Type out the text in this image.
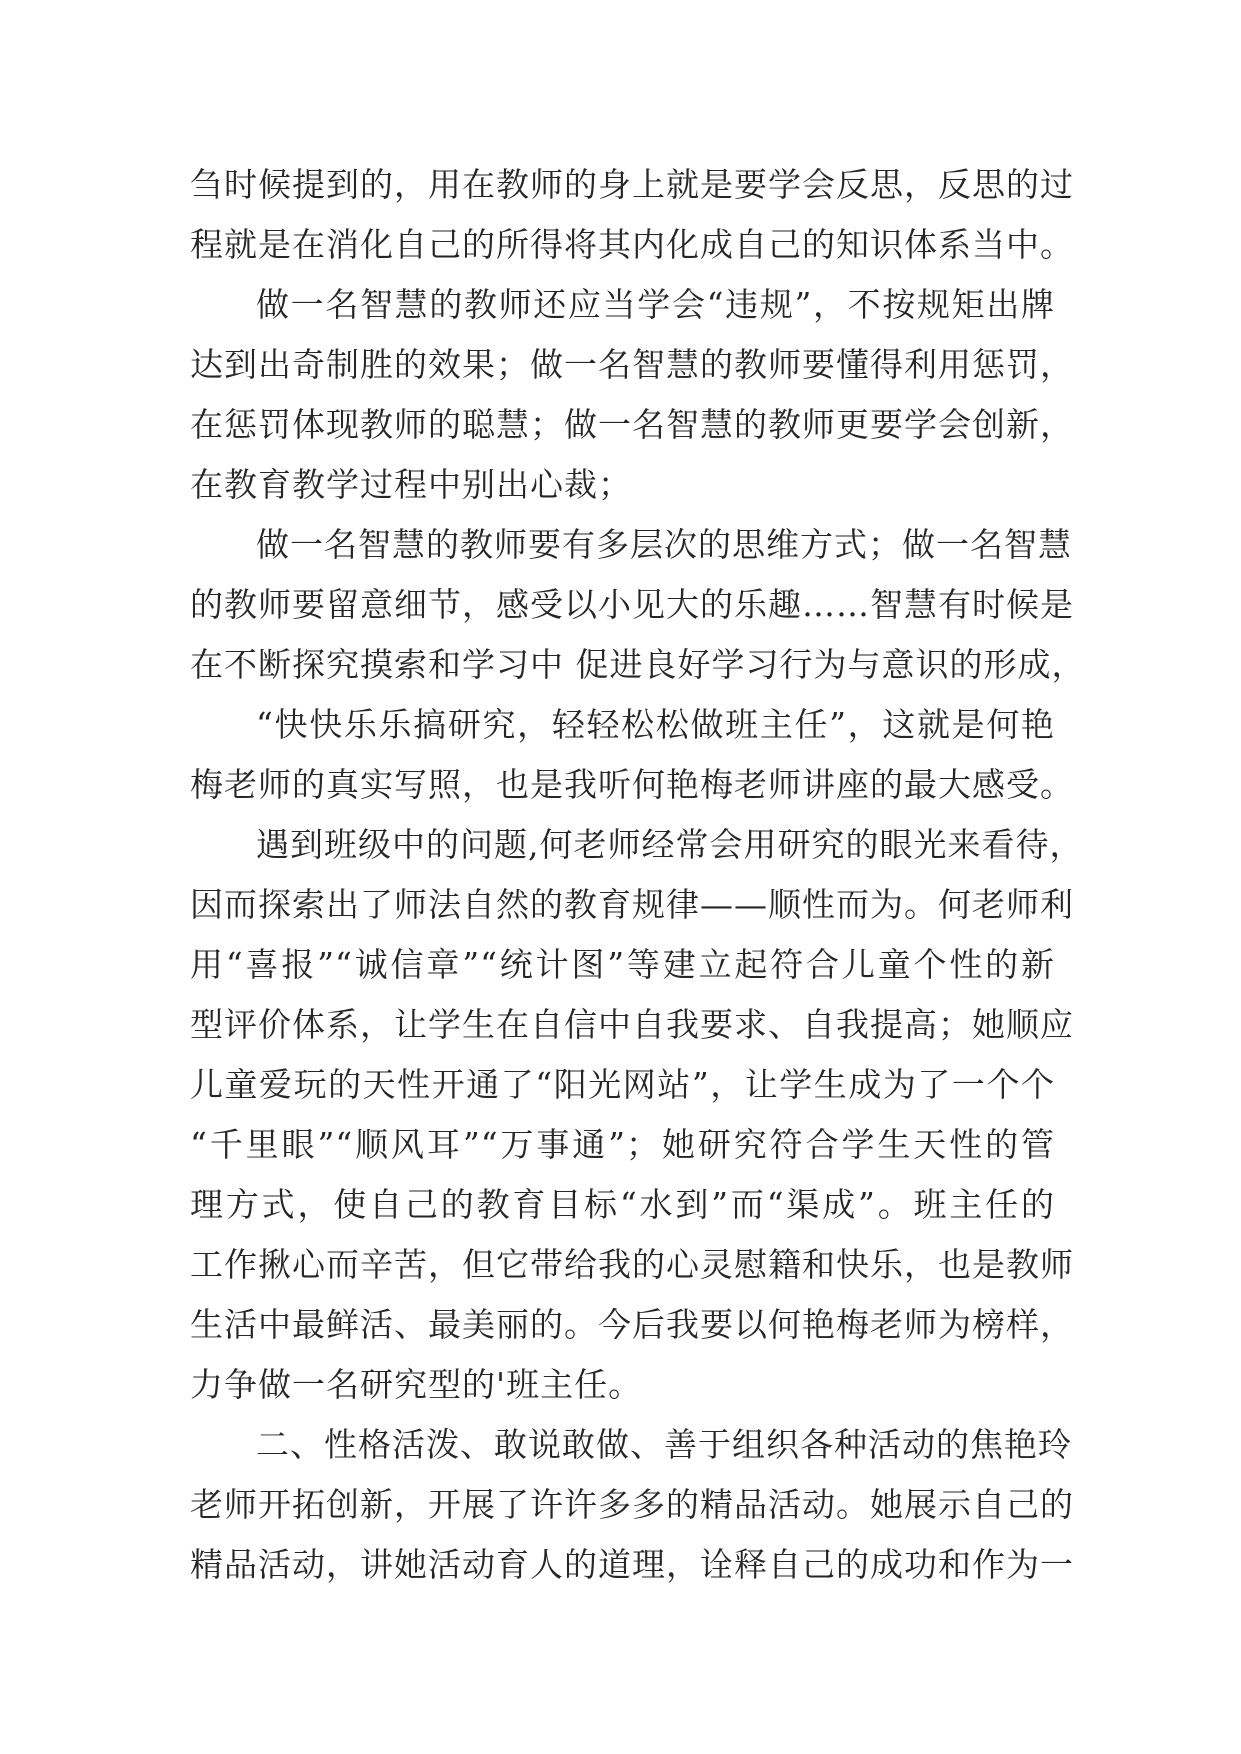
刍时候提到的，用在教师的身上就是要学会反思，反思的过
程就是在消化自己的所得将其内化成自己的知识体系当中。
做一名智慧的教师还应当学会“违规”，不按规矩出牌
达到出奇制胜的效果；做一名智慧的教师要懂得利用惩罚，
在惩罚体现教师的聪慧；做一名智慧的教师更要学会创新，
在教育教学过程中别出心裁；
做一名智慧的教师要有多层次的思维方式；做一名智慧
的教师要留意细节，感受以小见大的乐趣……智慧有时候是
在不断探究摸索和学习中 促进良好学习行为与意识的形成，
“快快乐乐搞研究，轻轻松松做班主任”，这就是何艳
梅老师的真实写照，也是我听何艳梅老师讲座的最大感受。
遇到班级中的问题,何老师经常会用研究的眼光来看待，
因而探索出了师法自然的教育规律——顺性而为。何老师利
用“喜报”“诚信章”“统计图”等建立起符合儿童个性的新
型评价体系，让学生在自信中自我要求、自我提高；她顺应
儿童爱玩的天性开通了“阳光网站”，让学生成为了一个个
“千里眼”“顺风耳”“万事通”；她研究符合学生天性的管
理方式，使自己的教育目标“水到”而“渠成”。班主任的
工作揪心而辛苦，但它带给我的心灵慰籍和快乐，也是教师
生活中最鲜活、最美丽的。今后我要以何艳梅老师为榜样，
力争做一名研究型的'班主任。
二、性格活泼、敢说敢做、善于组织各种活动的焦艳玲
老师开拓创新，开展了许许多多的精品活动。她展示自己的
精品活动，讲她活动育人的道理，诠释自己的成功和作为一
